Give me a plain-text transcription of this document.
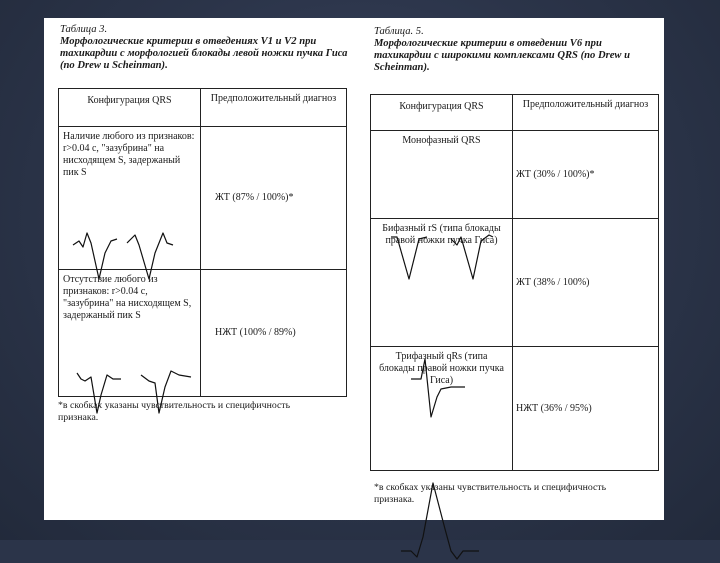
Таблица 3.
Морфологические критерии в отведениях V1 и V2 при тахикардии с морфологией блокады левой ножки пучка Гиса (по Drew и Scheinman).
Конфигурация QRS	Предположительный диагноз

Наличие любого из признаков: r>0.04 с, "зазубрина" на нисходящем S, задержаный пик S	ЖТ (87% / 100%)*

Отсутствие любого из признаков: r>0.04 с, "зазубрина" на нисходящем S, задержаный пик S	НЖТ (100% / 89%)
*в скобках указаны чувствительность и специфичность признака.
Таблица. 5.
Морфологические критерии в отведении V6 при тахикардии с широкими комплексами QRS (по Drew и Scheinman).
Конфигурация QRS	Предположительный диагноз

Монофазный QRS	ЖТ (30% / 100%)*

Бифазный rS (типа блокады правой ножки пучка Гиса)	ЖТ (38% / 100%)

Трифазный qRs (типа блокады правой ножки пучка Гиса)	НЖТ (36% / 95%)
*в скобках указаны чувствительность и специфичность признака.
